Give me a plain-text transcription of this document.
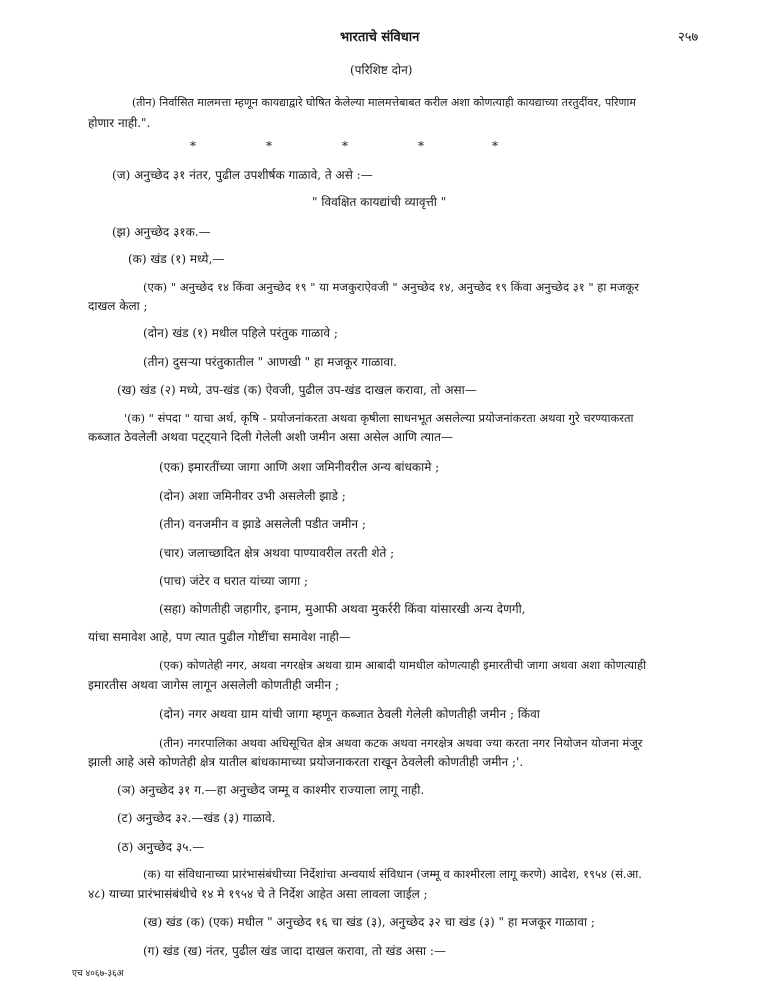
भारताचे संविधान	२५७
(परिशिष्ट दोन)
(तीन) निर्वासित मालमत्ता म्हणून कायद्याद्वारे घोषित केलेल्या मालमत्तेबाबत करील अशा कोणत्याही कायद्याच्या तरतुदींवर, परिणाम
होणार नाही.".
*	*	*	*	*
(ज) अनुच्छेद ३१ नंतर, पुढील उपशीर्षक गाळावे, ते असे :—
" विवक्षित कायद्यांची व्यावृत्ती "
(झ) अनुच्छेद ३१क.—
(क) खंड (१) मध्ये,—
(एक) " अनुच्छेद १४ किंवा अनुच्छेद १९ " या मजकुराऐवजी " अनुच्छेद १४, अनुच्छेद १९ किंवा अनुच्छेद ३१ " हा मजकूर
दाखल केला ;
(दोन) खंड (१) मधील पहिले परंतुक गाळावे ;
(तीन) दुसऱ्या परंतुकातील " आणखी " हा मजकूर गाळावा.
(ख) खंड (२) मध्ये, उप-खंड (क) ऐवजी, पुढील उप-खंड दाखल करावा, तो असा—
'(क) " संपदा " याचा अर्थ, कृषि - प्रयोजनांकरता अथवा कृषीला साधनभूत असलेल्या प्रयोजनांकरता अथवा गुरे चरण्याकरता
कब्जात ठेवलेली अथवा पट्ट्याने दिली गेलेली अशी जमीन असा असेल आणि त्यात—
(एक) इमारतींच्या जागा आणि अशा जमिनीवरील अन्य बांधकामे ;
(दोन) अशा जमिनीवर उभी असलेली झाडे ;
(तीन) वनजमीन व झाडे असलेली पडीत जमीन ;
(चार) जलाच्छादित क्षेत्र अथवा पाण्यावरील तरती शेते ;
(पाच) जंटेर व घरात यांच्या जागा ;
(सहा) कोणतीही जहागीर, इनाम, मुआफी अथवा मुकर्ररी किंवा यांसारखी अन्य देणगी,
यांचा समावेश आहे, पण त्यात पुढील गोष्टींचा समावेश नाही—
(एक) कोणतेही नगर, अथवा नगरक्षेत्र अथवा ग्राम आबादी यामधील कोणत्याही इमारतीची जागा अथवा अशा कोणत्याही
इमारतीस अथवा जागेस लागून असलेली कोणतीही जमीन ;
(दोन) नगर अथवा ग्राम यांची जागा म्हणून कब्जात ठेवली गेलेली कोणतीही जमीन ; किंवा
(तीन) नगरपालिका अथवा अधिसूचित क्षेत्र अथवा कटक अथवा नगरक्षेत्र अथवा ज्या करता नगर नियोजन योजना मंजूर
झाली आहे असे कोणतेही क्षेत्र यातील बांधकामाच्या प्रयोजनाकरता राखून ठेवलेली कोणतीही जमीन ;'.
(ञ) अनुच्छेद ३१ ग.—हा अनुच्छेद जम्मू व काश्मीर राज्याला लागू नाही.
(ट) अनुच्छेद ३२.—खंड (३) गाळावे.
(ठ) अनुच्छेद ३५.—
(क) या संविधानाच्या प्रारंभासंबंधीच्या निर्देशांचा अन्वयार्थ संविधान (जम्मू व काश्मीरला लागू करणे) आदेश, १९५४ (सं.आ.
४८) याच्या प्रारंभासंबंधीचे १४ मे १९५४ चे ते निर्देश आहेत असा लावला जाईल ;
(ख) खंड (क) (एक) मधील " अनुच्छेद १६ चा खंड (३), अनुच्छेद ३२ चा खंड (३) " हा मजकूर गाळावा ;
(ग) खंड (ख) नंतर, पुढील खंड जादा दाखल करावा, तो खंड असा :—
एच ४०६७-३६अ
